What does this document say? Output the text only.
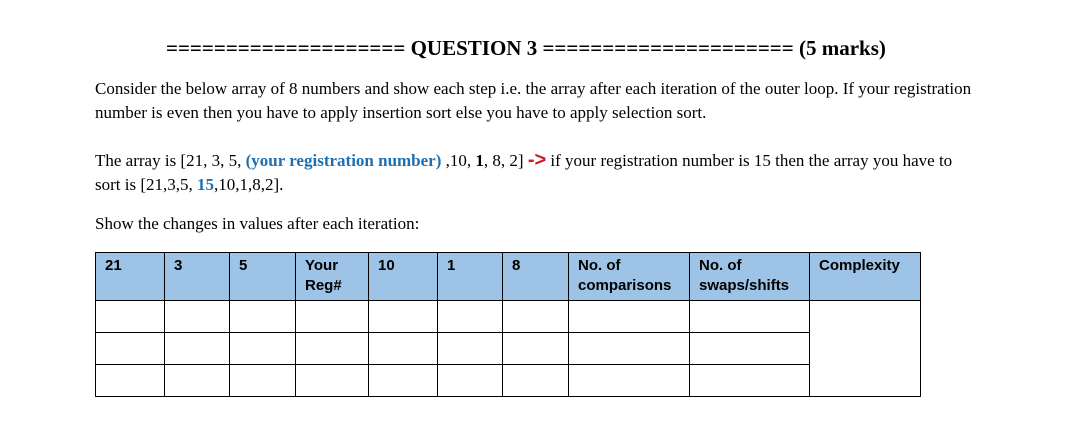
==================== QUESTION 3 ===================== (5 marks)
Consider the below array of 8 numbers and show each step i.e. the array after each iteration of the outer loop. If your registration number is even then you have to apply insertion sort else you have to apply selection sort.
The array is [21, 3, 5, (your registration number) ,10, 1, 8, 2] -> if your registration number is 15 then the array you have to sort is [21,3,5, 15,10,1,8,2].
Show the changes in values after each iteration:
21	3	5	Your Reg#	10	1	8	No. of comparisons	No. of swaps/shifts	Complexity
